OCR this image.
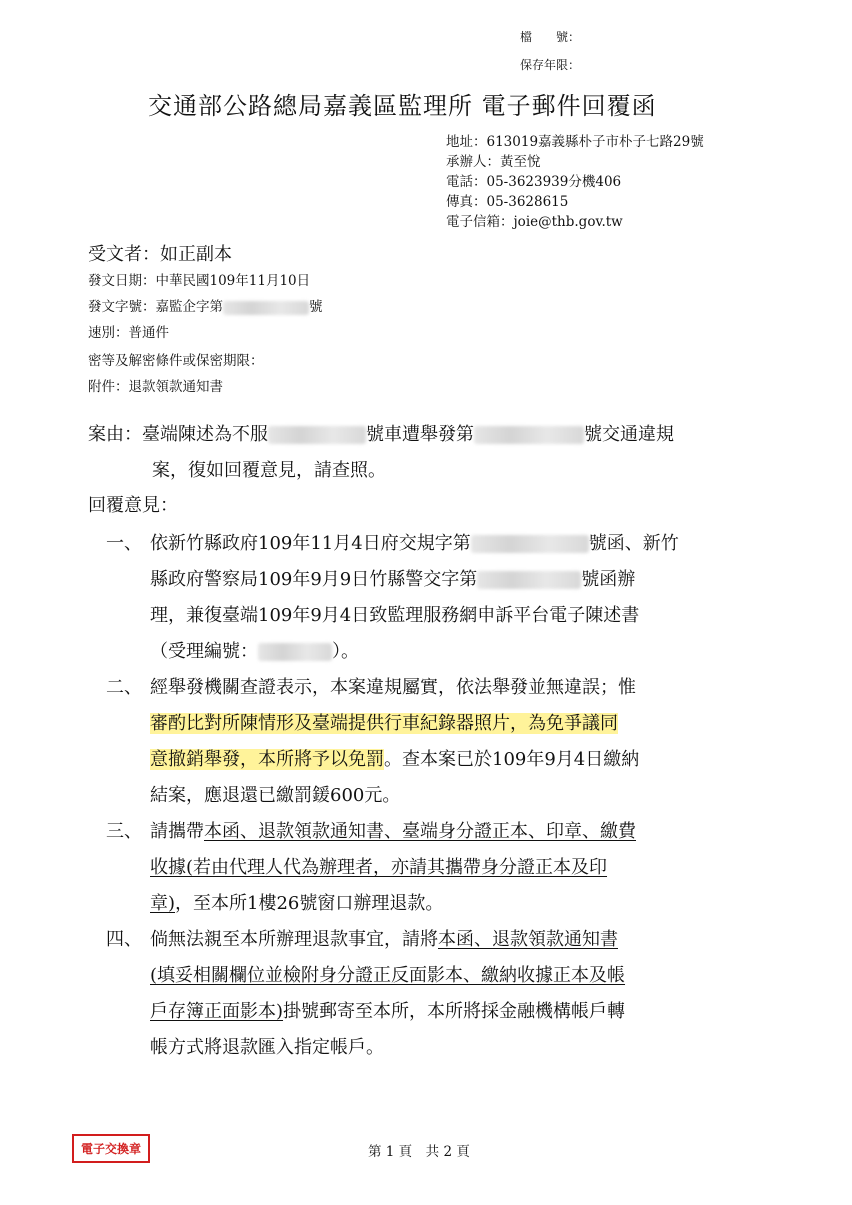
檔　　號：
保存年限：
交通部公路總局嘉義區監理所 電子郵件回覆函
地址：613019嘉義縣朴子市朴子七路29號
承辦人：黃至悅
電話：05-3623939分機406
傳真：05-3628615
電子信箱：joie@thb.gov.tw
受文者：如正副本
發文日期：中華民國109年11月10日
發文字號：嘉監企字第	號
速別：普通件
密等及解密條件或保密期限：
附件：退款領款通知書
案由：臺端陳述為不服	號車遭舉發第	號交通違規
案，復如回覆意見，請查照。
回覆意見：
一、 依新竹縣政府109年11月4日府交規字第	號函、新竹
縣政府警察局109年9月9日竹縣警交字第	號函辦
理，兼復臺端109年9月4日致監理服務網申訴平台電子陳述書
（受理編號：	）。
二、 經舉發機關查證表示，本案違規屬實，依法舉發並無違誤；惟
審酌比對所陳情形及臺端提供行車紀錄器照片，為免爭議同
意撤銷舉發，本所將予以免罰。查本案已於109年9月4日繳納
結案，應退還已繳罰鍰600元。
三、 請攜帶本函、退款領款通知書、臺端身分證正本、印章、繳費
收據(若由代理人代為辦理者，亦請其攜帶身分證正本及印
章)，至本所1樓26號窗口辦理退款。
四、 倘無法親至本所辦理退款事宜，請將本函、退款領款通知書
(填妥相關欄位並檢附身分證正反面影本、繳納收據正本及帳
戶存簿正面影本)掛號郵寄至本所，本所將採金融機構帳戶轉
帳方式將退款匯入指定帳戶。
電子交換章	第 1 頁　共 2 頁
